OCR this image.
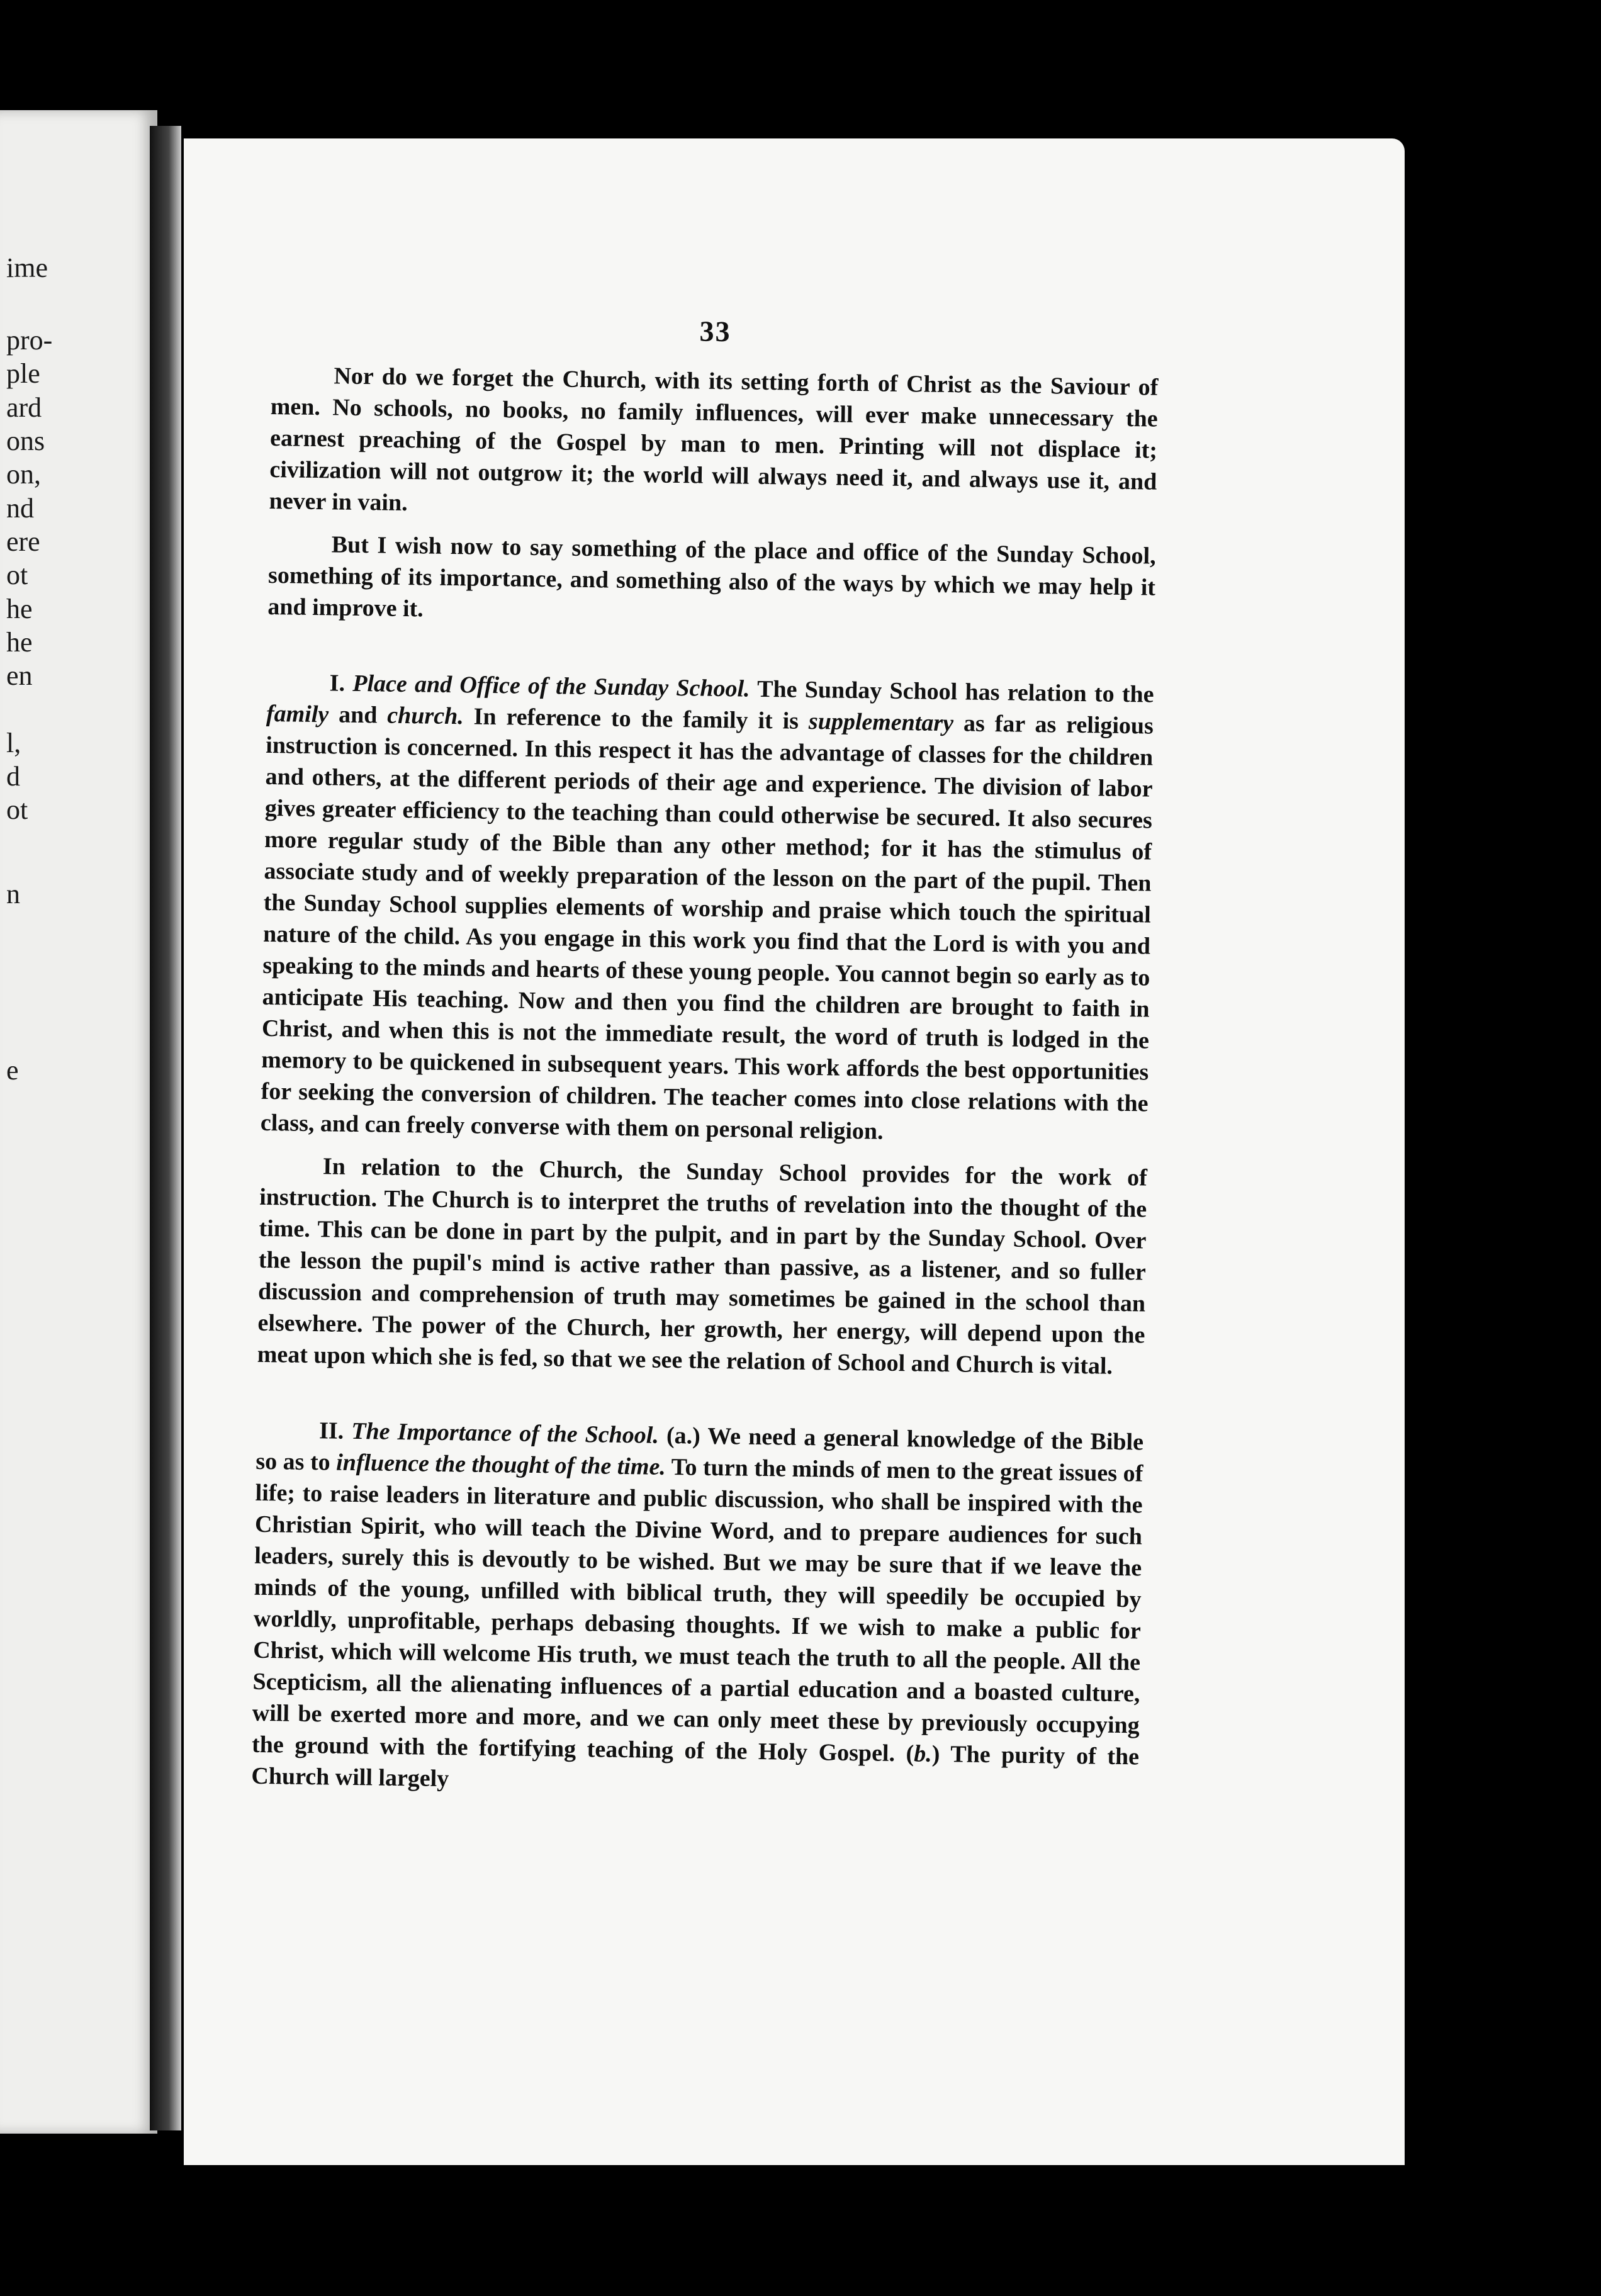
ime
pro-
ple
ard
ons
on,
nd
ere
ot
he
he
en
l,
d
ot
n
e
33

Nor do we forget the Church, with its setting forth of Christ as the Saviour of men. No schools, no books, no family influences, will ever make unnecessary the earnest preaching of the Gospel by man to men. Printing will not displace it; civilization will not outgrow it; the world will always need it, and always use it, and never in vain.

But I wish now to say something of the place and office of the Sunday School, something of its importance, and something also of the ways by which we may help it and improve it.

I. Place and Office of the Sunday School. The Sunday School has relation to the family and church. In reference to the family it is supplementary as far as religious instruction is concerned. In this respect it has the advantage of classes for the children and others, at the different periods of their age and experience. The division of labor gives greater efficiency to the teaching than could otherwise be secured. It also secures more regular study of the Bible than any other method; for it has the stimulus of associate study and of weekly preparation of the lesson on the part of the pupil. Then the Sunday School supplies elements of worship and praise which touch the spiritual nature of the child. As you engage in this work you find that the Lord is with you and speaking to the minds and hearts of these young people. You cannot begin so early as to anticipate His teaching. Now and then you find the children are brought to faith in Christ, and when this is not the immediate result, the word of truth is lodged in the memory to be quickened in subsequent years. This work affords the best opportunities for seeking the conversion of children. The teacher comes into close relations with the class, and can freely converse with them on personal religion.

In relation to the Church, the Sunday School provides for the work of instruction. The Church is to interpret the truths of revelation into the thought of the time. This can be done in part by the pulpit, and in part by the Sunday School. Over the lesson the pupil's mind is active rather than passive, as a listener, and so fuller discussion and comprehension of truth may sometimes be gained in the school than elsewhere. The power of the Church, her growth, her energy, will depend upon the meat upon which she is fed, so that we see the relation of School and Church is vital.

II. The Importance of the School. (a.) We need a general knowledge of the Bible so as to influence the thought of the time. To turn the minds of men to the great issues of life; to raise leaders in literature and public discussion, who shall be inspired with the Christian Spirit, who will teach the Divine Word, and to prepare audiences for such leaders, surely this is devoutly to be wished. But we may be sure that if we leave the minds of the young, unfilled with biblical truth, they will speedily be occupied by worldly, unprofitable, perhaps debasing thoughts. If we wish to make a public for Christ, which will welcome His truth, we must teach the truth to all the people. All the Scepticism, all the alienating influences of a partial education and a boasted culture, will be exerted more and more, and we can only meet these by previously occupying the ground with the fortifying teaching of the Holy Gospel. (b.) The purity of the Church will largely
